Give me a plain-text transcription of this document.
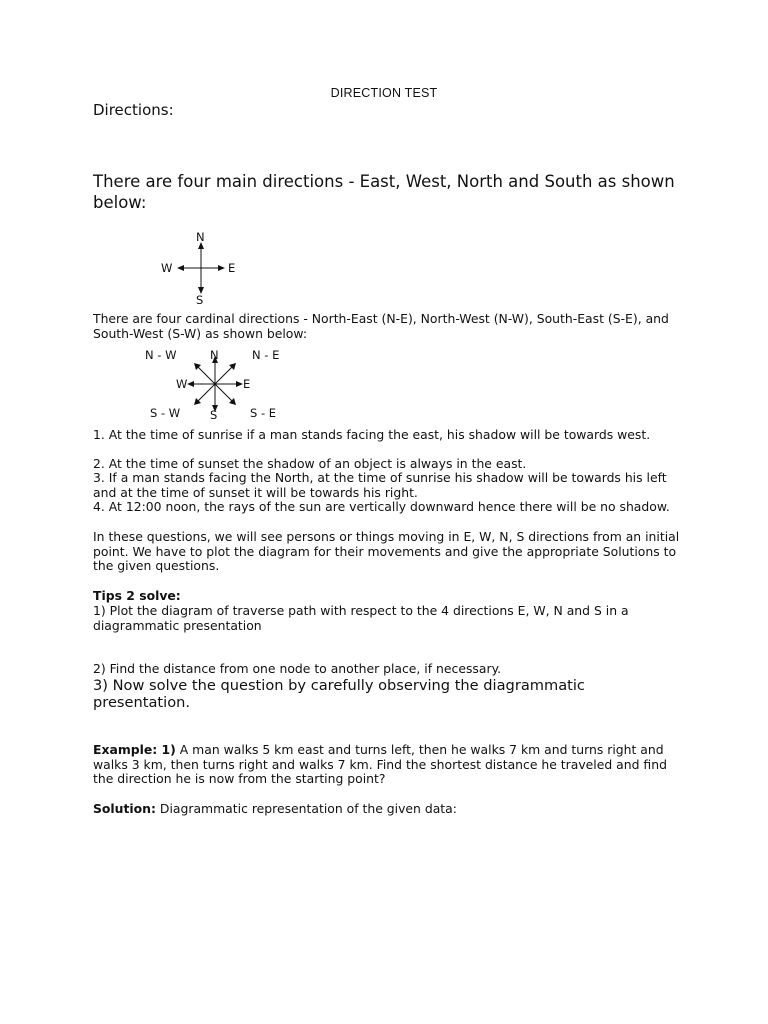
DIRECTION TEST

Directions:

There are four main directions - East, West, North and South as shown below:

N
S
W	E

There are four cardinal directions - North-East (N-E), North-West (N-W), South-East (S-E), and South-West (S-W) as shown below:

N - W	N	N - E
W	E
S - W	S	S - E

1. At the time of sunrise if a man stands facing the east, his shadow will be towards west.

2. At the time of sunset the shadow of an object is always in the east.

3. If a man stands facing the North, at the time of sunrise his shadow will be towards his left and at the time of sunset it will be towards his right.

4. At 12:00 noon, the rays of the sun are vertically downward hence there will be no shadow.

In these questions, we will see persons or things moving in E, W, N, S directions from an initial point. We have to plot the diagram for their movements and give the appropriate Solutions to the given questions.

Tips 2 solve:

1) Plot the diagram of traverse path with respect to the 4 directions E, W, N and S in a diagrammatic presentation

2) Find the distance from one node to another place, if necessary.

3) Now solve the question by carefully observing the diagrammatic presentation.

Example: 1) A man walks 5 km east and turns left, then he walks 7 km and turns right and walks 3 km, then turns right and walks 7 km. Find the shortest distance he traveled and find the direction he is now from the starting point?

Solution: Diagrammatic representation of the given data:
